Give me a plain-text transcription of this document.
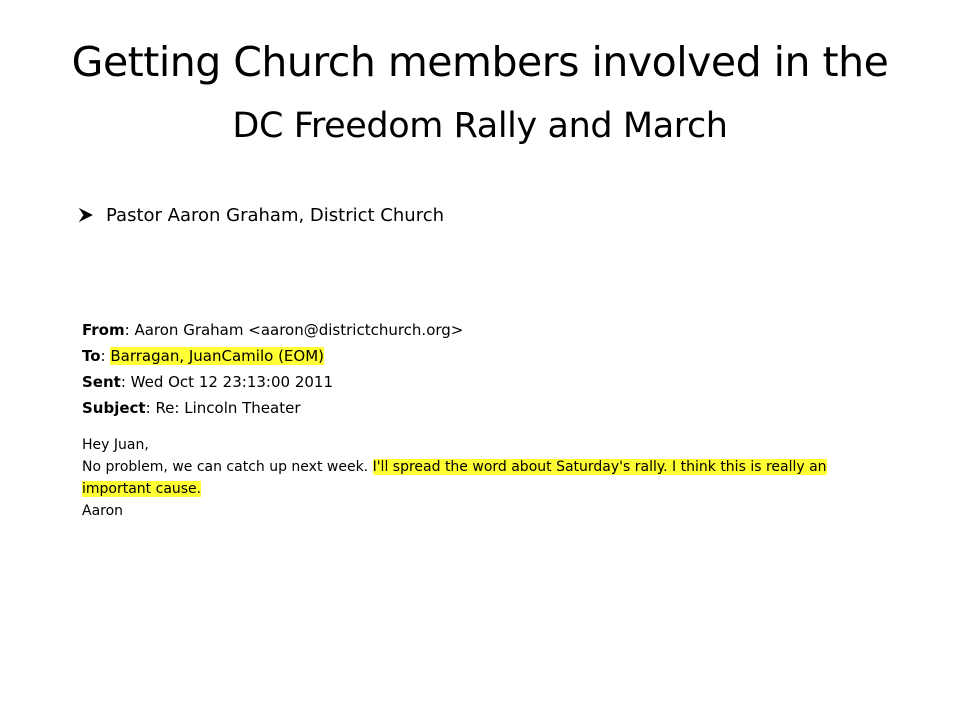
Getting Church members involved in the
DC Freedom Rally and March
Pastor Aaron Graham, District Church
From: Aaron Graham <aaron@districtchurch.org>
To: Barragan, JuanCamilo (EOM)
Sent: Wed Oct 12 23:13:00 2011
Subject: Re: Lincoln Theater
Hey Juan,
No problem, we can catch up next week. I'll spread the word about Saturday's rally. I think this is really an
important cause.
Aaron
